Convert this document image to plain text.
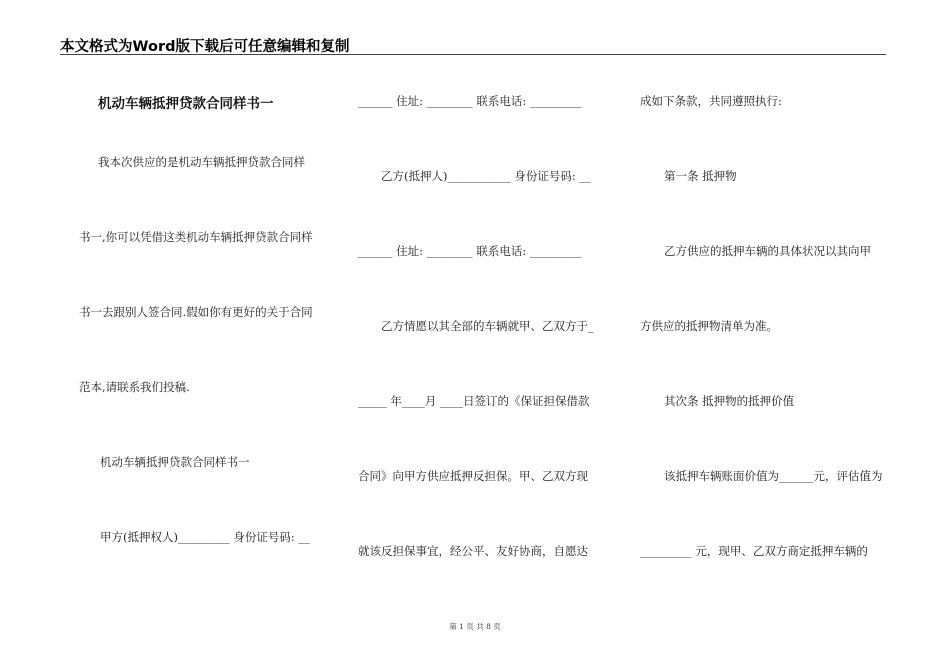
本文格式为Word版下载后可任意编辑和复制
机动车辆抵押贷款合同样书一
我本次供应的是机动车辆抵押贷款合同样
书一,你可以凭借这类机动车辆抵押贷款合同样
书一去跟别人签合同.假如你有更好的关于合同
范本,请联系我们投稿.
机动车辆抵押贷款合同样书一
甲方(抵押权人)_________ 身份证号码: __
______ 住址: ________ 联系电话: _________
乙方(抵押人)___________ 身份证号码: __
______ 住址: ________ 联系电话: _________
乙方情愿以其全部的车辆就甲、乙双方于_
_____ 年____月 ____日签订的《保证担保借款
合同》向甲方供应抵押反担保。甲、乙双方现
就该反担保事宜，经公平、友好协商，自愿达
成如下条款，共同遵照执行:
第一条 抵押物
乙方供应的抵押车辆的具体状况以其向甲
方供应的抵押物清单为准。
其次条 抵押物的抵押价值
该抵押车辆账面价值为______元，评估值为
_________ 元，现甲、乙双方商定抵押车辆的
第 1 页 共 8 页
